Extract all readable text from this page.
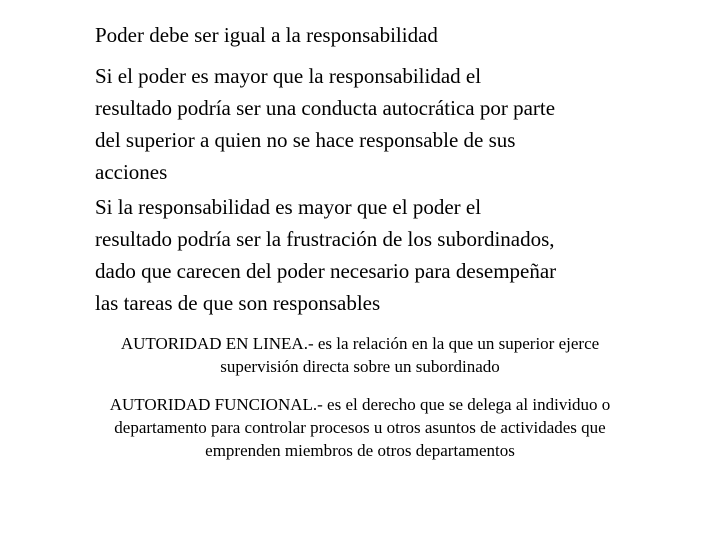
Poder debe ser igual a la responsabilidad

Si el poder es mayor que la responsabilidad el
resultado podría ser una conducta autocrática por parte
del superior a quien no se hace responsable de sus
acciones

Si la responsabilidad es mayor que el poder el
resultado podría ser la frustración de los subordinados,
dado que carecen del poder necesario para desempeñar
las tareas de que son responsables

AUTORIDAD EN LINEA.- es la relación en la que un superior ejerce
supervisión directa sobre un subordinado

AUTORIDAD FUNCIONAL.- es el derecho que se delega al individuo o
departamento para controlar procesos u otros asuntos de actividades que
emprenden miembros de otros departamentos
